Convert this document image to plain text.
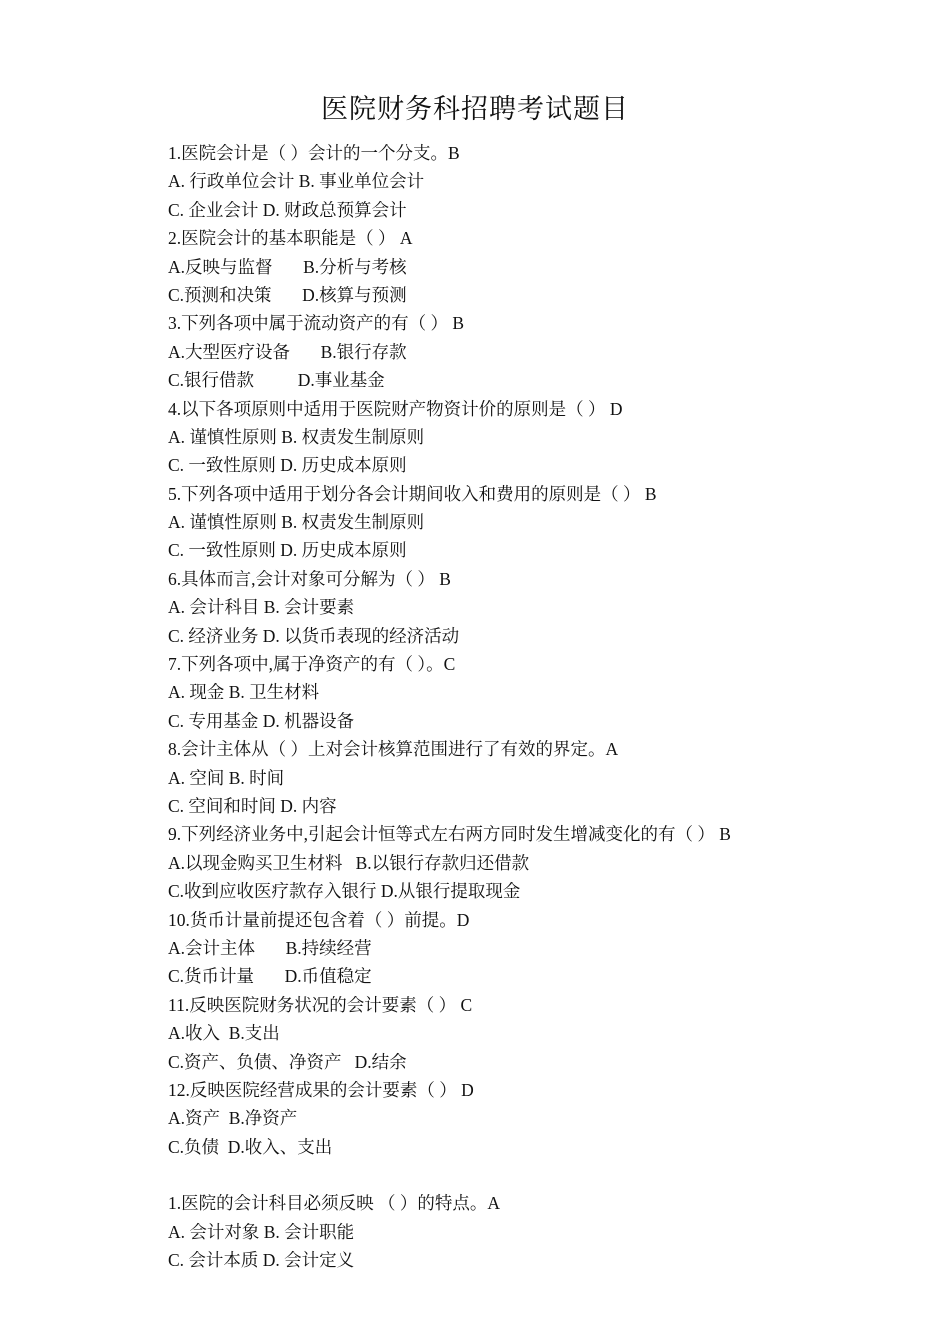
医院财务科招聘考试题目
1.医院会计是（ ）会计的一个分支。B
A. 行政单位会计 B. 事业单位会计
C. 企业会计 D. 财政总预算会计
2.医院会计的基本职能是（ ） A
A.反映与监督       B.分析与考核
C.预测和决策       D.核算与预测
3.下列各项中属于流动资产的有（ ） B
A.大型医疗设备       B.银行存款
C.银行借款          D.事业基金
4.以下各项原则中适用于医院财产物资计价的原则是（ ） D
A. 谨慎性原则 B. 权责发生制原则
C. 一致性原则 D. 历史成本原则
5.下列各项中适用于划分各会计期间收入和费用的原则是（ ） B
A. 谨慎性原则 B. 权责发生制原则
C. 一致性原则 D. 历史成本原则
6.具体而言,会计对象可分解为（ ） B
A. 会计科目 B. 会计要素
C. 经济业务 D. 以货币表现的经济活动
7.下列各项中,属于净资产的有（ ）。C
A. 现金 B. 卫生材料
C. 专用基金 D. 机器设备
8.会计主体从（ ）上对会计核算范围进行了有效的界定。A
A. 空间 B. 时间
C. 空间和时间 D. 内容
9.下列经济业务中,引起会计恒等式左右两方同时发生增减变化的有（ ） B
A.以现金购买卫生材料   B.以银行存款归还借款
C.收到应收医疗款存入银行 D.从银行提取现金
10.货币计量前提还包含着（ ）前提。D
A.会计主体       B.持续经营
C.货币计量       D.币值稳定
11.反映医院财务状况的会计要素（ ） C
A.收入  B.支出
C.资产、负债、净资产   D.结余
12.反映医院经营成果的会计要素（ ） D
A.资产  B.净资产
C.负债  D.收入、支出
1.医院的会计科目必须反映 （ ）的特点。A
A. 会计对象 B. 会计职能
C. 会计本质 D. 会计定义
